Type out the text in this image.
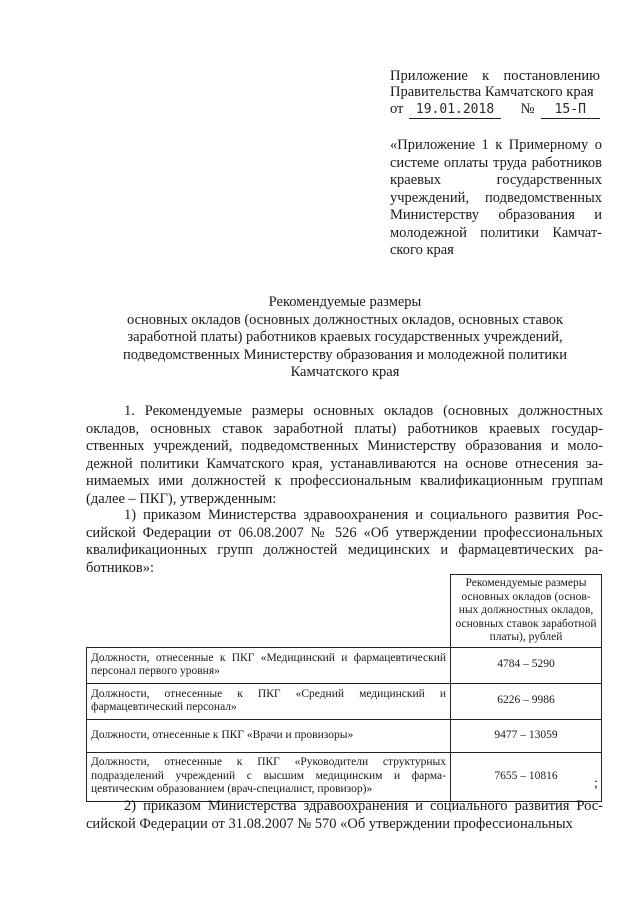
Приложение к постановлению
Правительства Камчатского края
от 19.01.2018	№	15-П
«Приложение 1 к Примерному о системе оплаты труда работников краевых государственных учреждений, подведомственных Министерству образования и молодежной политики Камчатского края
Рекомендуемые размеры
основных окладов (основных должностных окладов, основных ставок
заработной платы) работников краевых государственных учреждений,
подведомственных Министерству образования и молодежной политики
Камчатского края
1. Рекомендуемые размеры основных окладов (основных должностных окладов, основных ставок заработной платы) работников краевых государственных учреждений, подведомственных Министерству образования и молодежной политики Камчатского края, устанавливаются на основе отнесения занимаемых ими должностей к профессиональным квалификационным группам (далее – ПКГ), утвержденным:
1) приказом Министерства здравоохранения и социального развития Российской Федерации от 06.08.2007 № 526 «Об утверждении профессиональных квалификационных групп должностей медицинских и фармацевтических работников»:
	Рекомендуемые размеры основных окладов (основных должностных окладов, основных ставок заработной платы), рублей
Должности, отнесенные к ПКГ «Медицинский и фармацевтический персонал первого уровня»	4784 – 5290
Должности, отнесенные к ПКГ «Средний медицинский и фармацевтический персонал»	6226 – 9986
Должности, отнесенные к ПКГ «Врачи и провизоры»	9477 – 13059
Должности, отнесенные к ПКГ «Руководители структурных подразделений учреждений с высшим медицинским и фармацевтическим образованием (врач-специалист, провизор)»	7655 – 10816
;
2) приказом Министерства здравоохранения и социального развития Российской Федерации от 31.08.2007 № 570 «Об утверждении профессиональных
